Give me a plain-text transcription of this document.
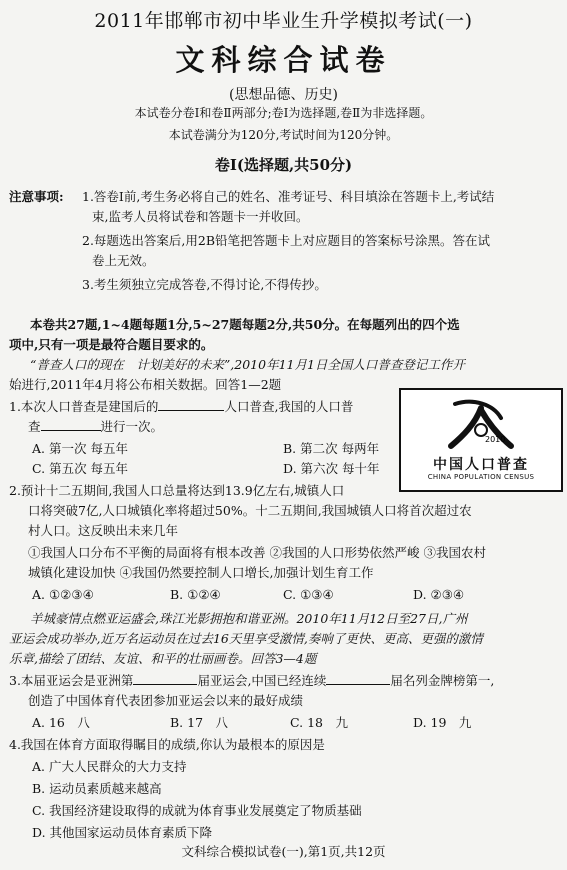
2011年邯郸市初中毕业生升学模拟考试(一)
文科综合试卷
(思想品德、历史)
本试卷分卷Ⅰ和卷Ⅱ两部分;卷Ⅰ为选择题,卷Ⅱ为非选择题。
本试卷满分为120分,考试时间为120分钟。
卷Ⅰ(选择题,共50分)
注意事项: 1.答卷Ⅰ前,考生务必将自己的姓名、准考证号、科目填涂在答题卡上,考试结
束,监考人员将试卷和答题卡一并收回。
2.每题选出答案后,用2B铅笔把答题卡上对应题目的答案标号涂黑。答在试
卷上无效。
3.考生须独立完成答卷,不得讨论,不得传抄。
本卷共27题,1~4题每题1分,5~27题每题2分,共50分。在每题列出的四个选
项中,只有一项是最符合题目要求的。
“普查人口的现在　计划美好的未来”,2010年11月1日全国人口普查登记工作开
始进行,2011年4月将公布相关数据。回答1—2题
2010
中国人口普查
CHINA POPULATION CENSUS
1.本次人口普查是建国后的	人口普查,我国的人口普
查	进行一次。
A. 第一次 每五年	B. 第二次 每两年
C. 第五次 每五年	D. 第六次 每十年
2.预计十二五期间,我国人口总量将达到13.9亿左右,城镇人口
口将突破7亿,人口城镇化率将超过50%。十二五期间,我国城镇人口将首次超过农
村人口。这反映出未来几年
①我国人口分布不平衡的局面将有根本改善 ②我国的人口形势依然严峻 ③我国农村
城镇化建设加快 ④我国仍然要控制人口增长,加强计划生育工作
A. ①②③④	B. ①②④	C. ①③④	D. ②③④
羊城豪情点燃亚运盛会,珠江光影拥抱和谐亚洲。2010年11月12日至27日,广州
亚运会成功举办,近万名运动员在过去16天里享受激情,奏响了更快、更高、更强的激情
乐章,描绘了团结、友谊、和平的壮丽画卷。回答3—4题
3.本届亚运会是亚洲第	届亚运会,中国已经连续	届名列金牌榜第一,
创造了中国体育代表团参加亚运会以来的最好成绩
A. 16　八	B. 17　八	C. 18　九	D. 19　九
4.我国在体育方面取得瞩目的成绩,你认为最根本的原因是
A. 广大人民群众的大力支持
B. 运动员素质越来越高
C. 我国经济建设取得的成就为体育事业发展奠定了物质基础
D. 其他国家运动员体育素质下降
文科综合模拟试卷(一),第1页,共12页
